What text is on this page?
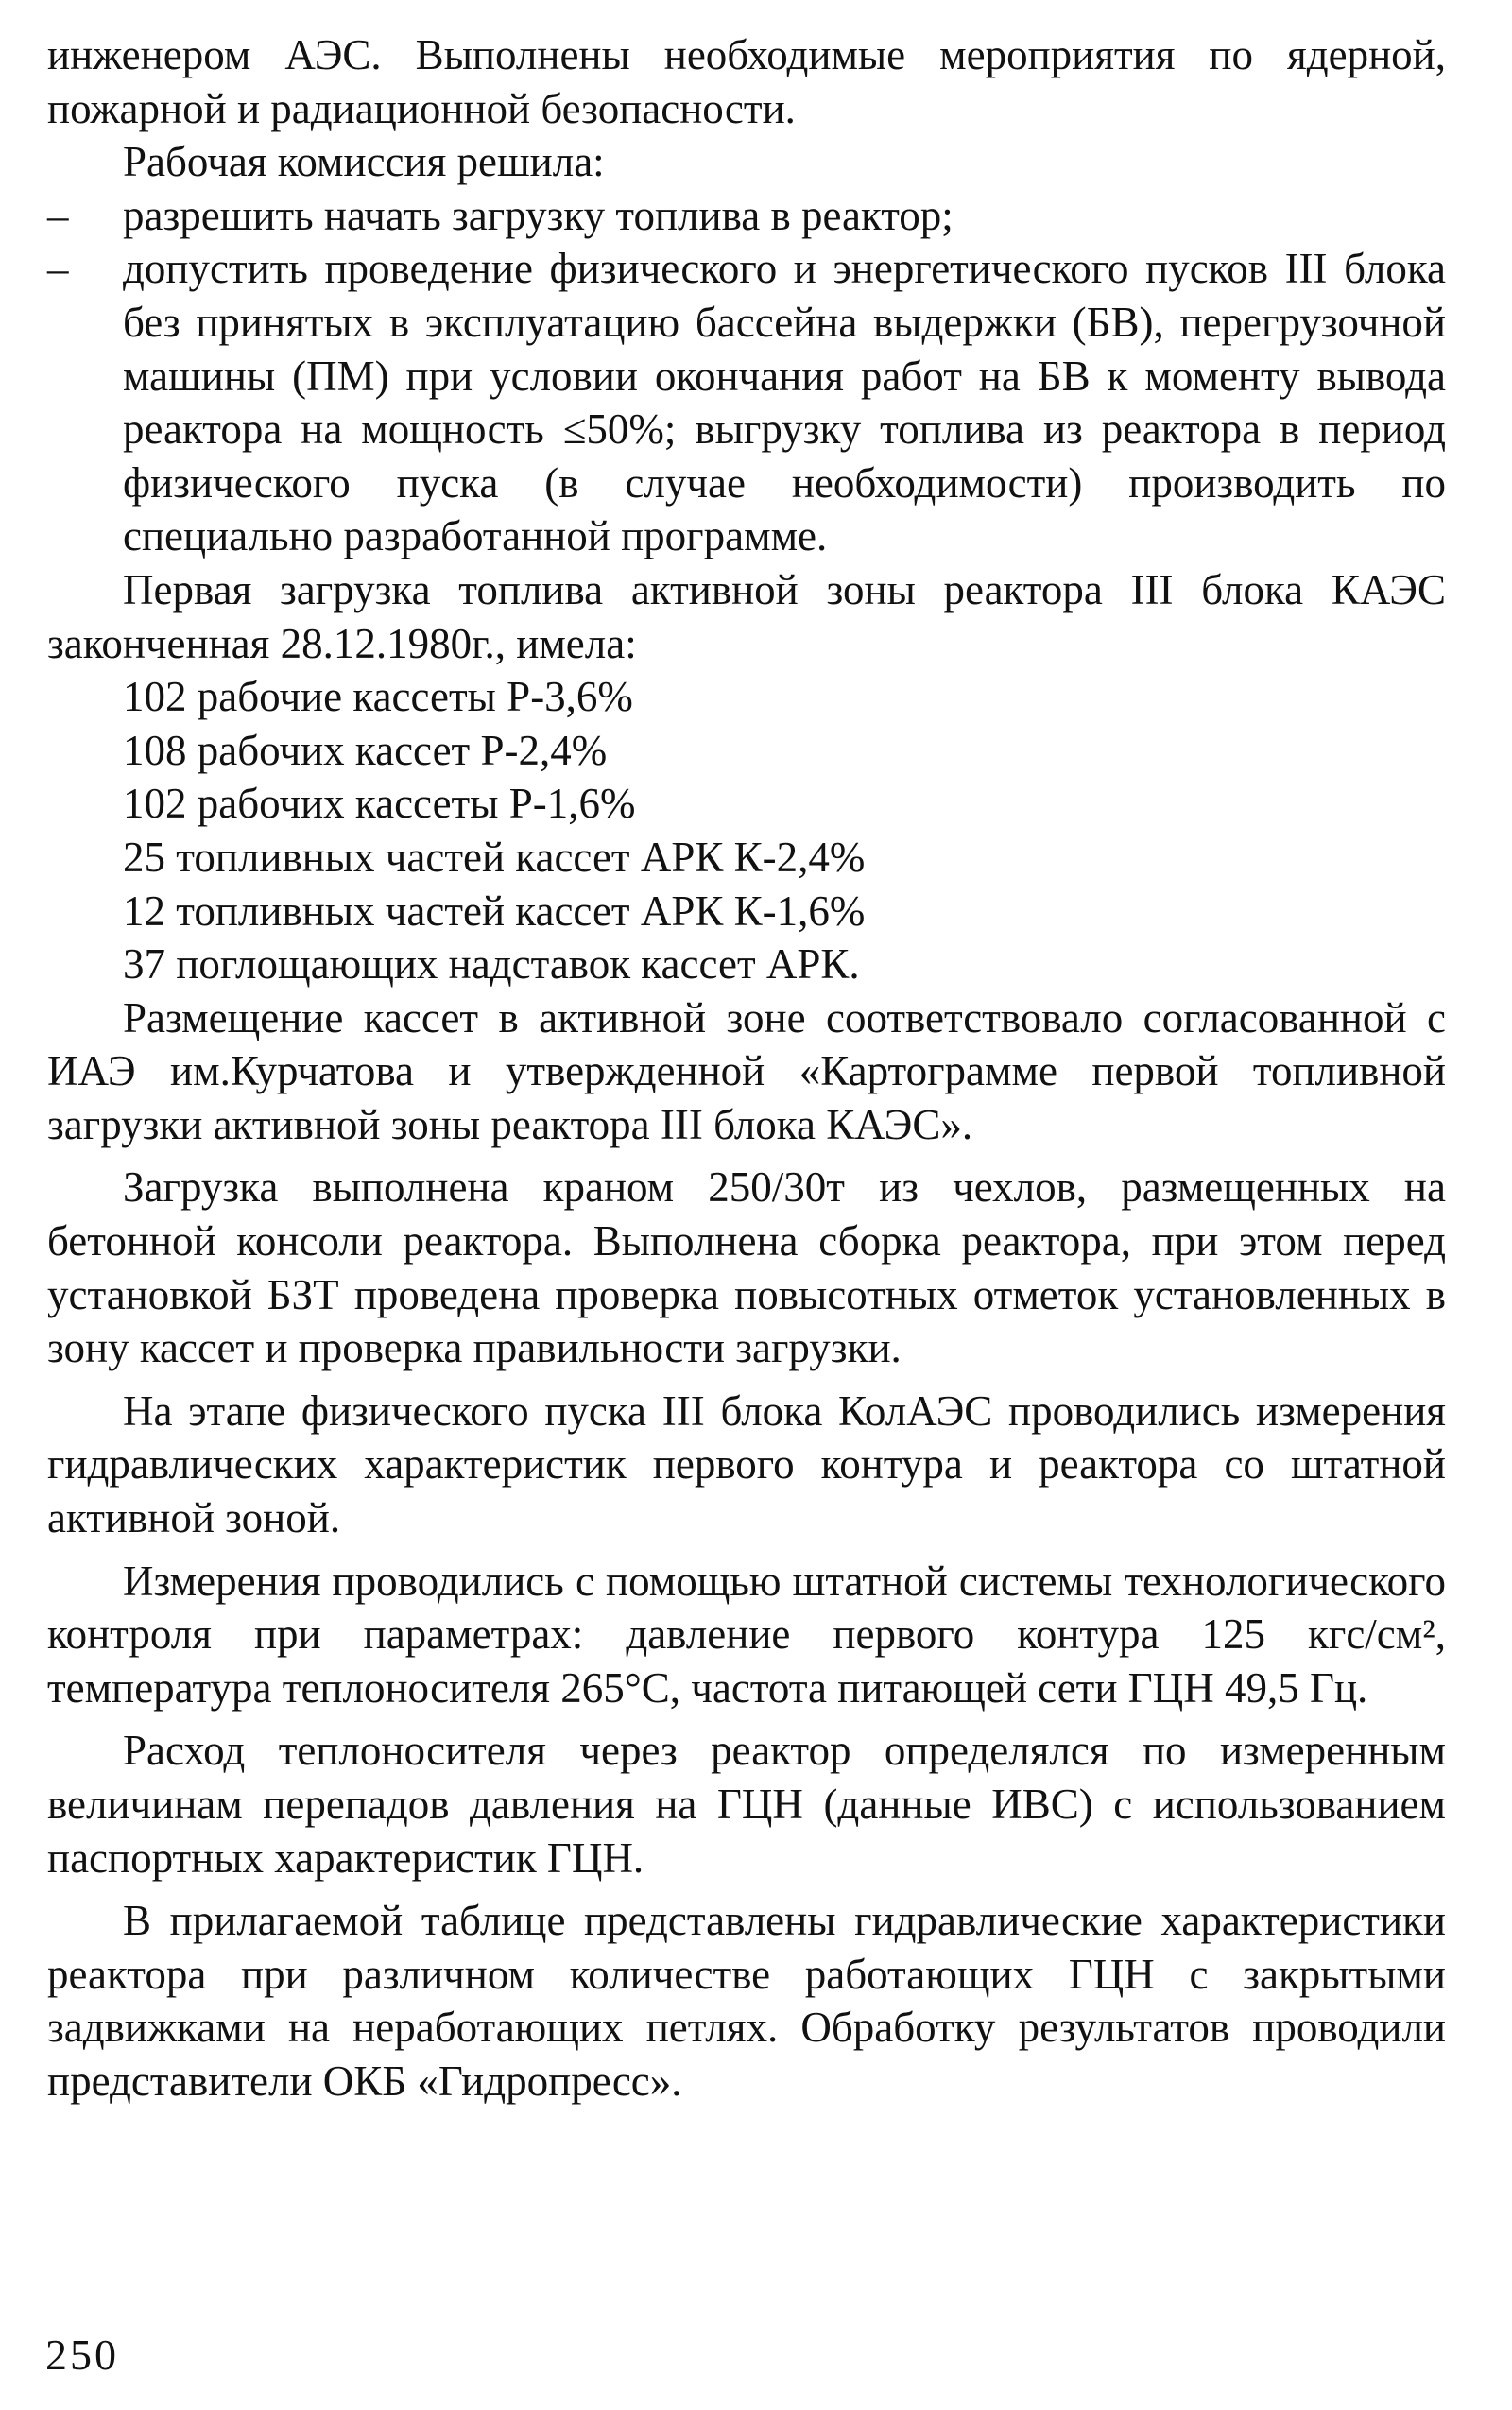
инженером АЭС. Выполнены необходимые мероприятия по ядерной, пожарной и радиационной безопасности.

Рабочая комиссия решила:

–	разрешить начать загрузку топлива в реактор;
–	допустить проведение физического и энергетического пусков III блока без принятых в эксплуатацию бассейна выдержки (БВ), перегрузочной машины (ПМ) при условии окончания работ на БВ к моменту вывода реактора на мощность ≤50%; выгрузку топлива из реактора в период физического пуска (в случае необходимости) производить по специально разработанной программе.

Первая загрузка топлива активной зоны реактора III блока КАЭС законченная 28.12.1980г., имела:

102 рабочие кассеты Р-3,6%
108 рабочих кассет Р-2,4%
102 рабочих кассеты Р-1,6%
25 топливных частей кассет АРК К-2,4%
12 топливных частей кассет АРК К-1,6%
37 поглощающих надставок кассет АРК.

Размещение кассет в активной зоне соответствовало согласованной с ИАЭ им.Курчатова и утвержденной «Картограмме первой топливной загрузки активной зоны реактора III блока КАЭС».

Загрузка выполнена краном 250/30т из чехлов, размещенных на бетонной консоли реактора. Выполнена сборка реактора, при этом перед установкой БЗТ проведена проверка повысотных отметок установленных в зону кассет и проверка правильности загрузки.

На этапе физического пуска III блока КолАЭС проводились измерения гидравлических характеристик первого контура и реактора со штатной активной зоной.

Измерения проводились с помощью штатной системы технологического контроля при параметрах: давление первого контура 125 кгс/см², температура теплоносителя 265°С, частота питающей сети ГЦН 49,5 Гц.

Расход теплоносителя через реактор определялся по измеренным величинам перепадов давления на ГЦН (данные ИВС) с использованием паспортных характеристик ГЦН.

В прилагаемой таблице представлены гидравлические характеристики реактора при различном количестве работающих ГЦН с закрытыми задвижками на неработающих петлях. Обработку результатов проводили представители ОКБ «Гидропресс».

250
